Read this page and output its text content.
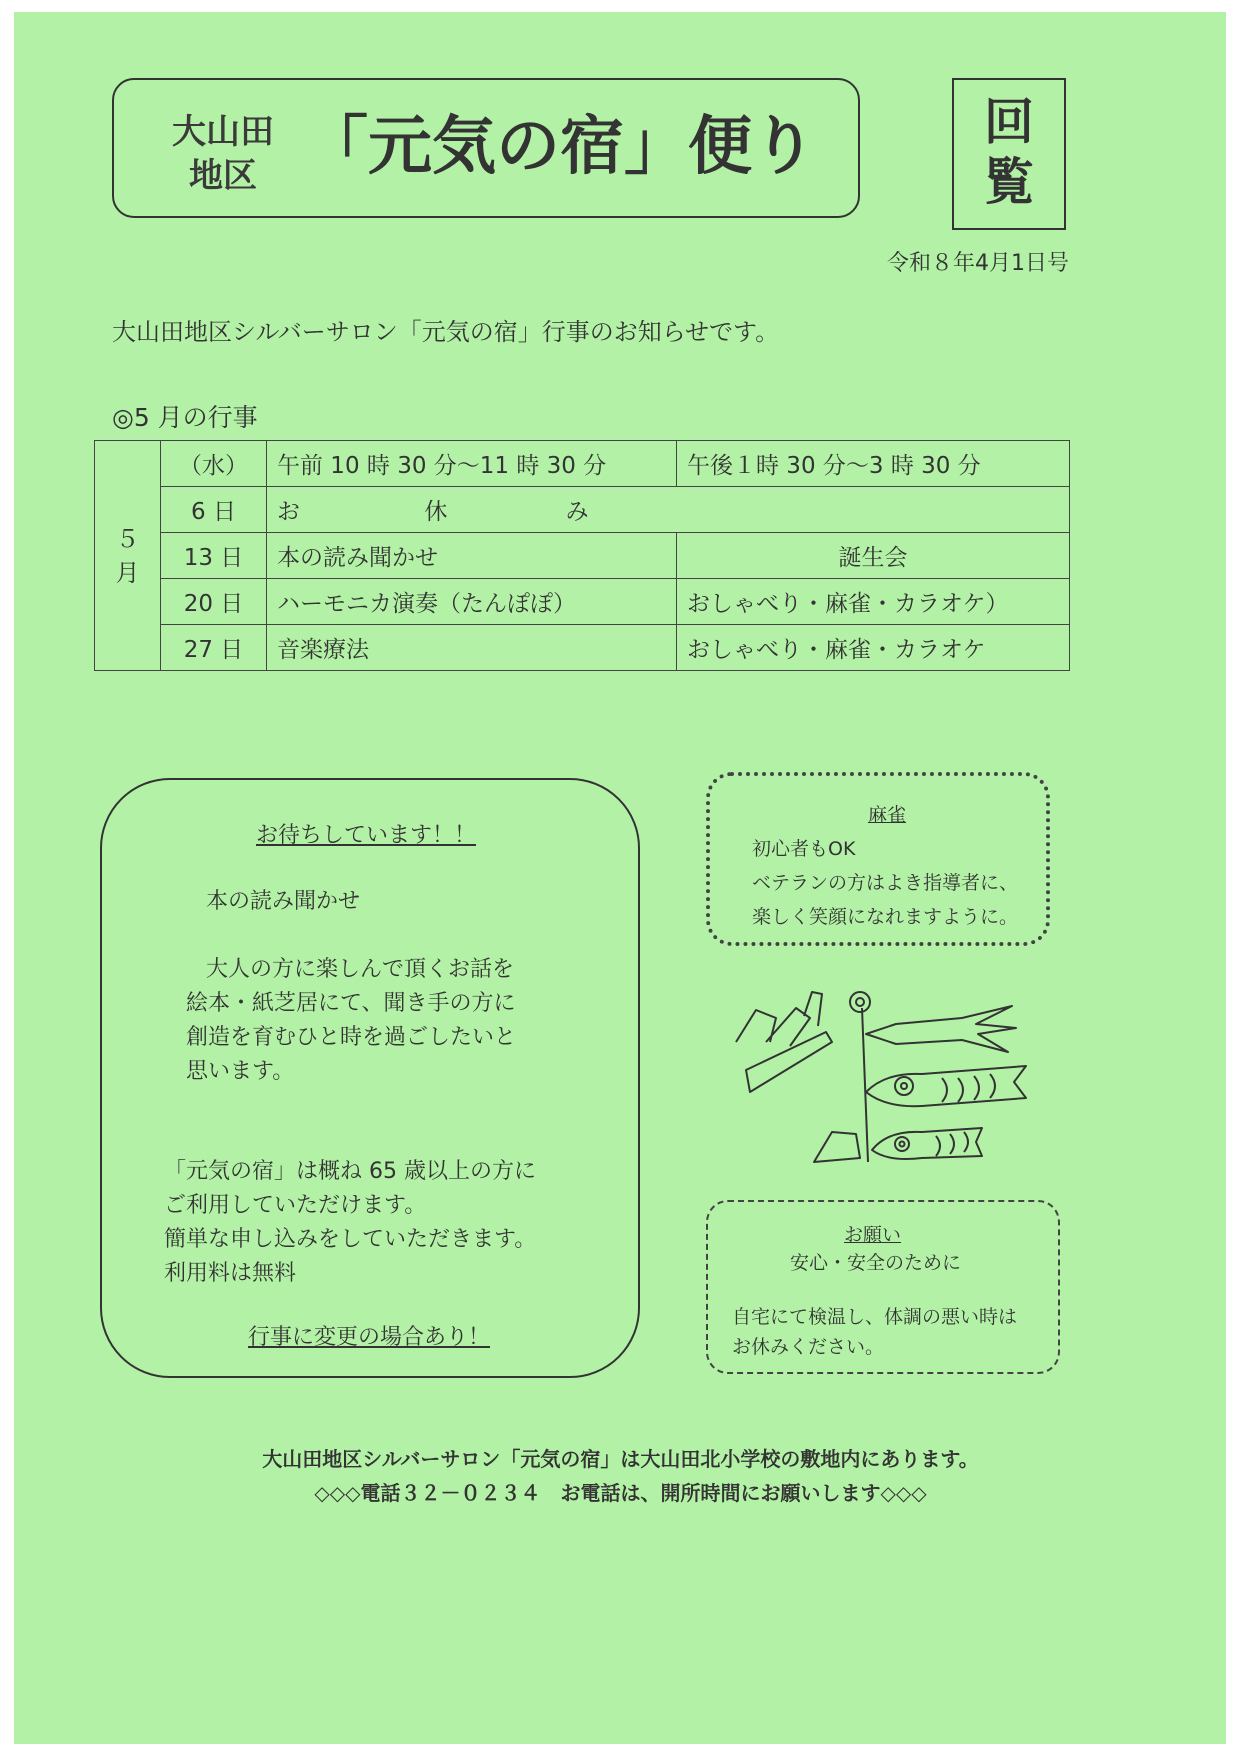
大山田地区 「元気の宿」便り	回覧
令和８年4月1日号
大山田地区シルバーサロン「元気の宿」行事のお知らせです。
◎5 月の行事
５月	（水）	午前 10 時 30 分～11 時 30 分	午後１時 30 分～3 時 30 分
	6 日	お 休 み	
	13 日	本の読み聞かせ	誕生会
	20 日	ハーモニカ演奏（たんぽぽ）	おしゃべり・麻雀・カラオケ）
	27 日	音楽療法	おしゃべり・麻雀・カラオケ
お待ちしています！！
本の読み聞かせ
大人の方に楽しんで頂くお話を
絵本・紙芝居にて、聞き手の方に
創造を育むひと時を過ごしたいと
思います。
「元気の宿」は概ね 65 歳以上の方に
ご利用していただけます。
簡単な申し込みをしていただきます。
利用料は無料
行事に変更の場合あり！
麻雀
初心者もOK
ベテランの方はよき指導者に、
楽しく笑顔になれますように。
お願い
安心・安全のために
自宅にて検温し、体調の悪い時は
お休みください。
大山田地区シルバーサロン「元気の宿」は大山田北小学校の敷地内にあります。
◇◇◇電話３２－０２３４　お電話は、開所時間にお願いします◇◇◇
